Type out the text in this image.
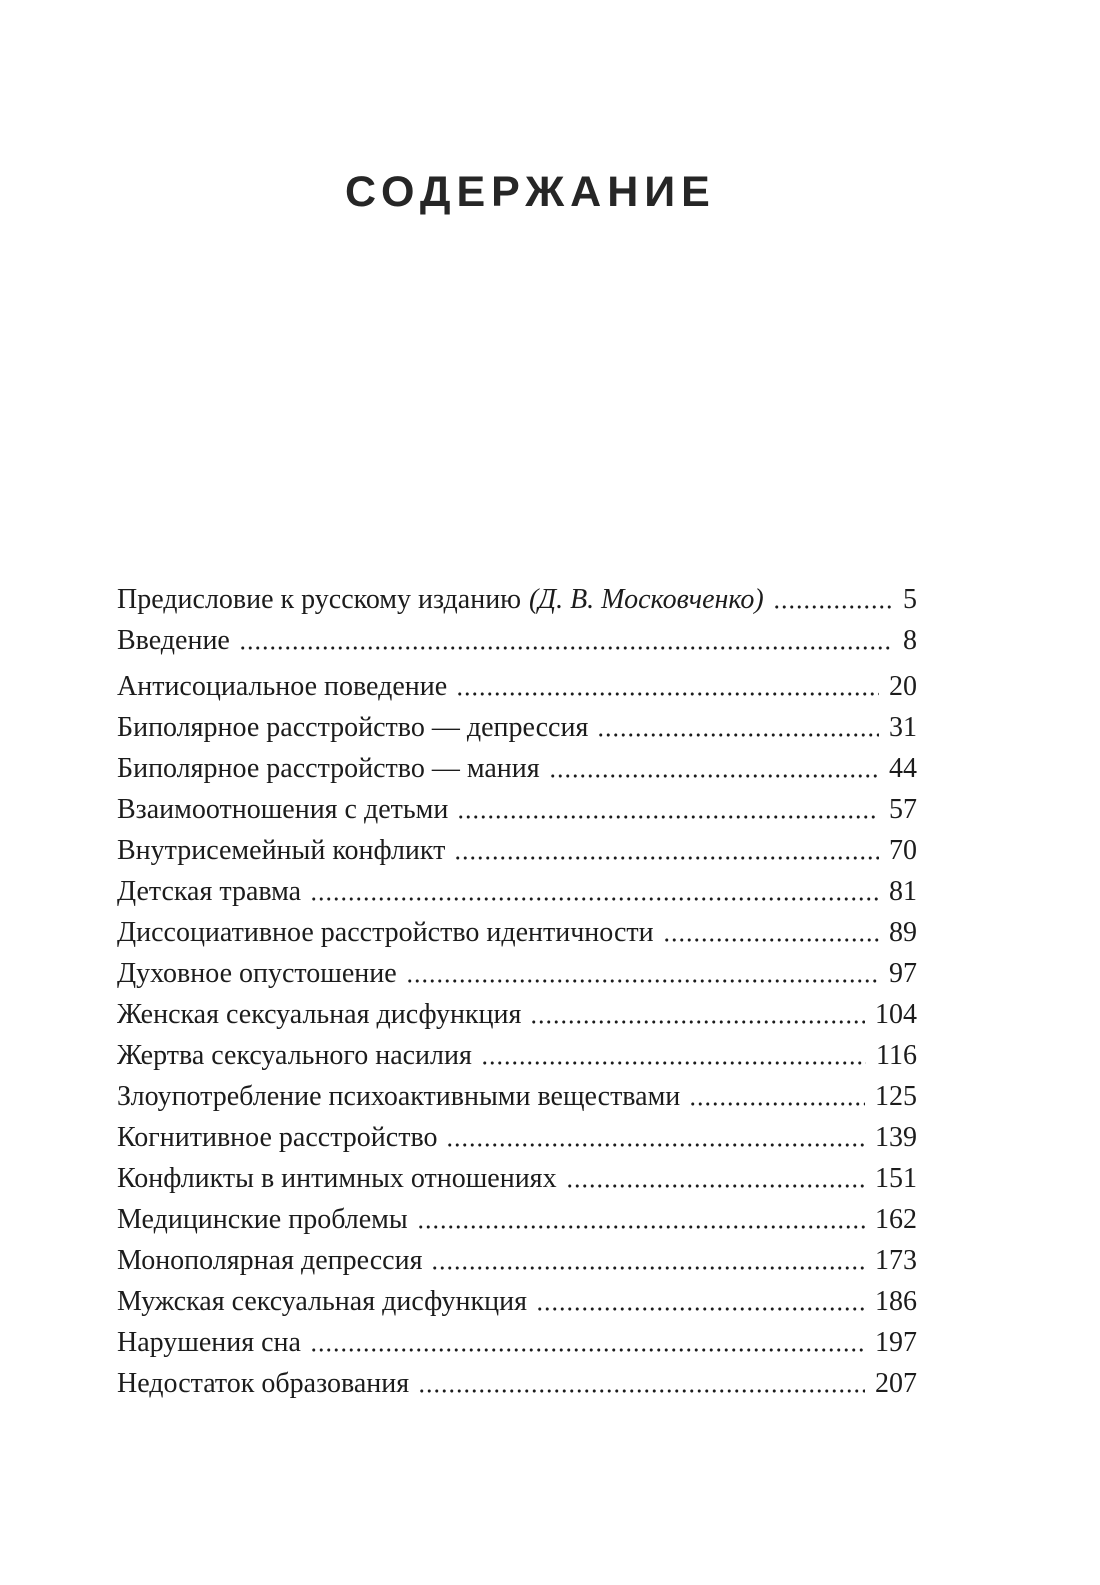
СОДЕРЖАНИЕ
Предисловие к русскому изданию (Д. В. Московченко)	5
Введение	8
Антисоциальное поведение	20
Биполярное расстройство — депрессия	31
Биполярное расстройство — мания	44
Взаимоотношения с детьми	57
Внутрисемейный конфликт	70
Детская травма	81
Диссоциативное расстройство идентичности	89
Духовное опустошение	97
Женская сексуальная дисфункция	104
Жертва сексуального насилия	116
Злоупотребление психоактивными веществами	125
Когнитивное расстройство	139
Конфликты в интимных отношениях	151
Медицинские проблемы	162
Монополярная депрессия	173
Мужская сексуальная дисфункция	186
Нарушения сна	197
Недостаток образования	207
